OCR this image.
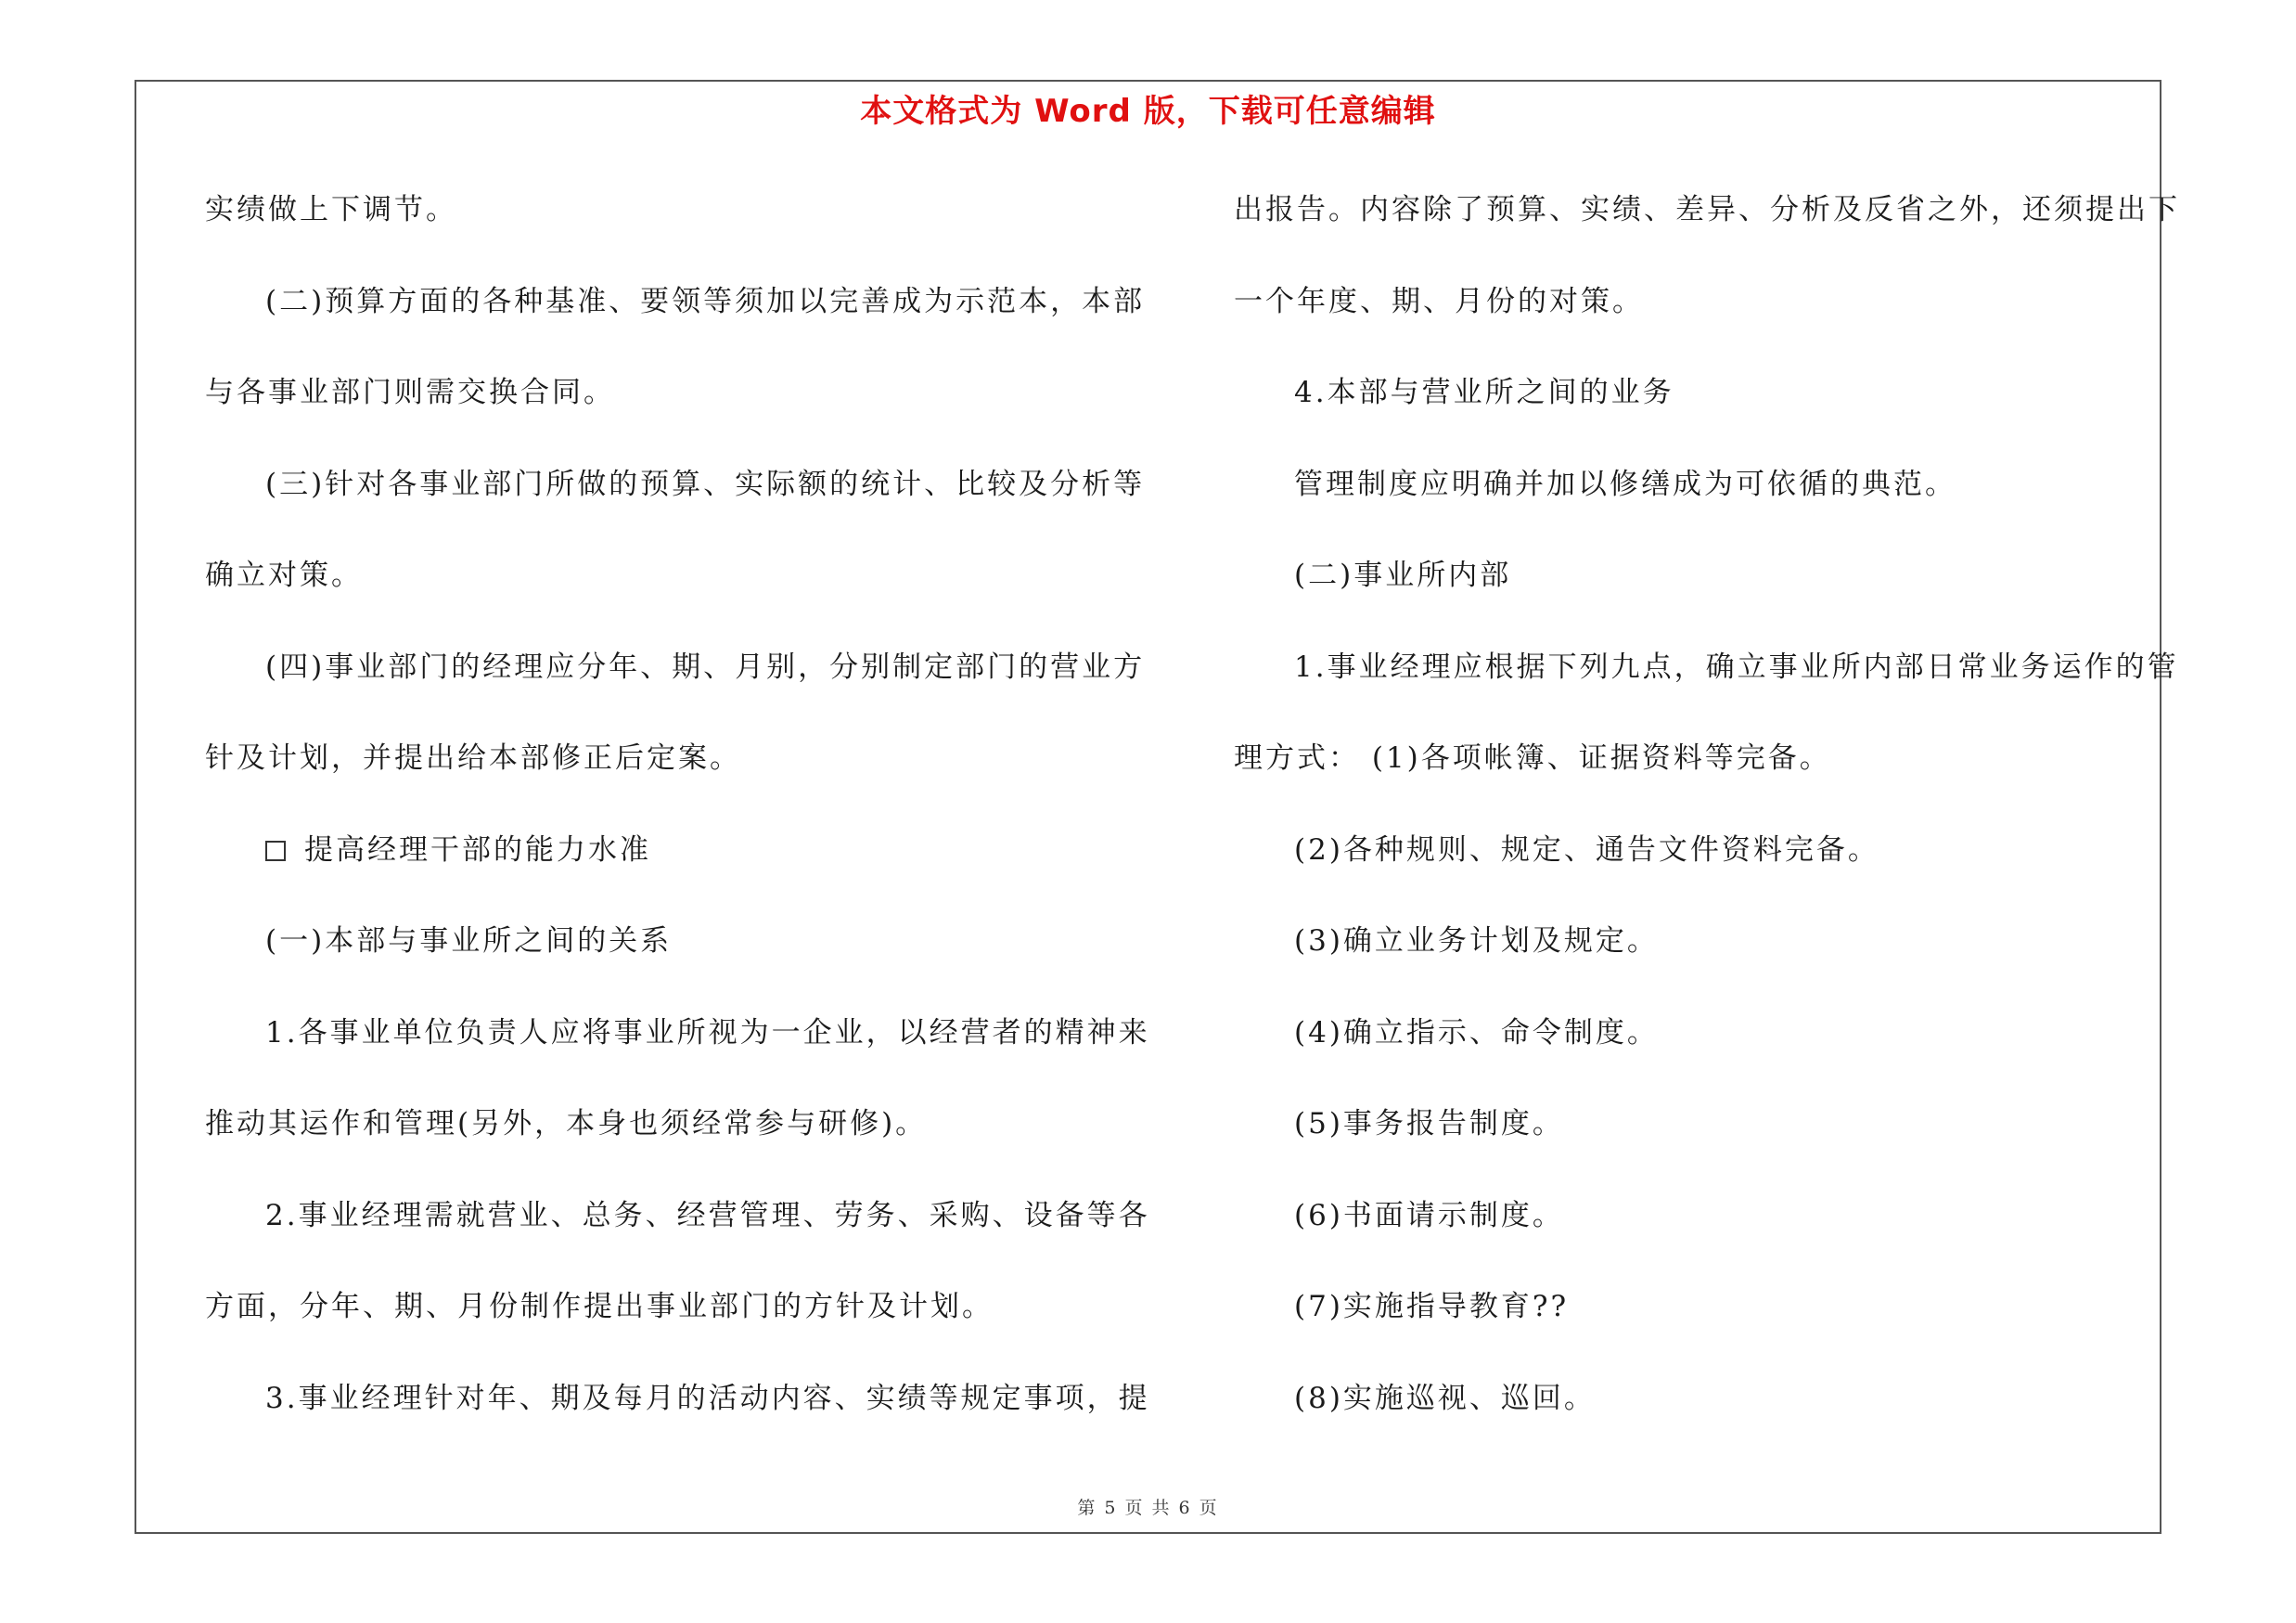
本文格式为 Word 版，下载可任意编辑
实绩做上下调节。
(二)预算方面的各种基准、要领等须加以完善成为示范本，本部
与各事业部门则需交换合同。
(三)针对各事业部门所做的预算、实际额的统计、比较及分析等
确立对策。
(四)事业部门的经理应分年、期、月别，分别制定部门的营业方
针及计划，并提出给本部修正后定案。
提高经理干部的能力水准
(一)本部与事业所之间的关系
1.各事业单位负责人应将事业所视为一企业，以经营者的精神来
推动其运作和管理(另外，本身也须经常参与研修)。
2.事业经理需就营业、总务、经营管理、劳务、采购、设备等各
方面，分年、期、月份制作提出事业部门的方针及计划。
3.事业经理针对年、期及每月的活动内容、实绩等规定事项，提
出报告。内容除了预算、实绩、差异、分析及反省之外，还须提出下
一个年度、期、月份的对策。
4.本部与营业所之间的业务
管理制度应明确并加以修缮成为可依循的典范。
(二)事业所内部
1.事业经理应根据下列九点，确立事业所内部日常业务运作的管
理方式： (1)各项帐簿、证据资料等完备。
(2)各种规则、规定、通告文件资料完备。
(3)确立业务计划及规定。
(4)确立指示、命令制度。
(5)事务报告制度。
(6)书面请示制度。
(7)实施指导教育??
(8)实施巡视、巡回。
第 5 页 共 6 页
